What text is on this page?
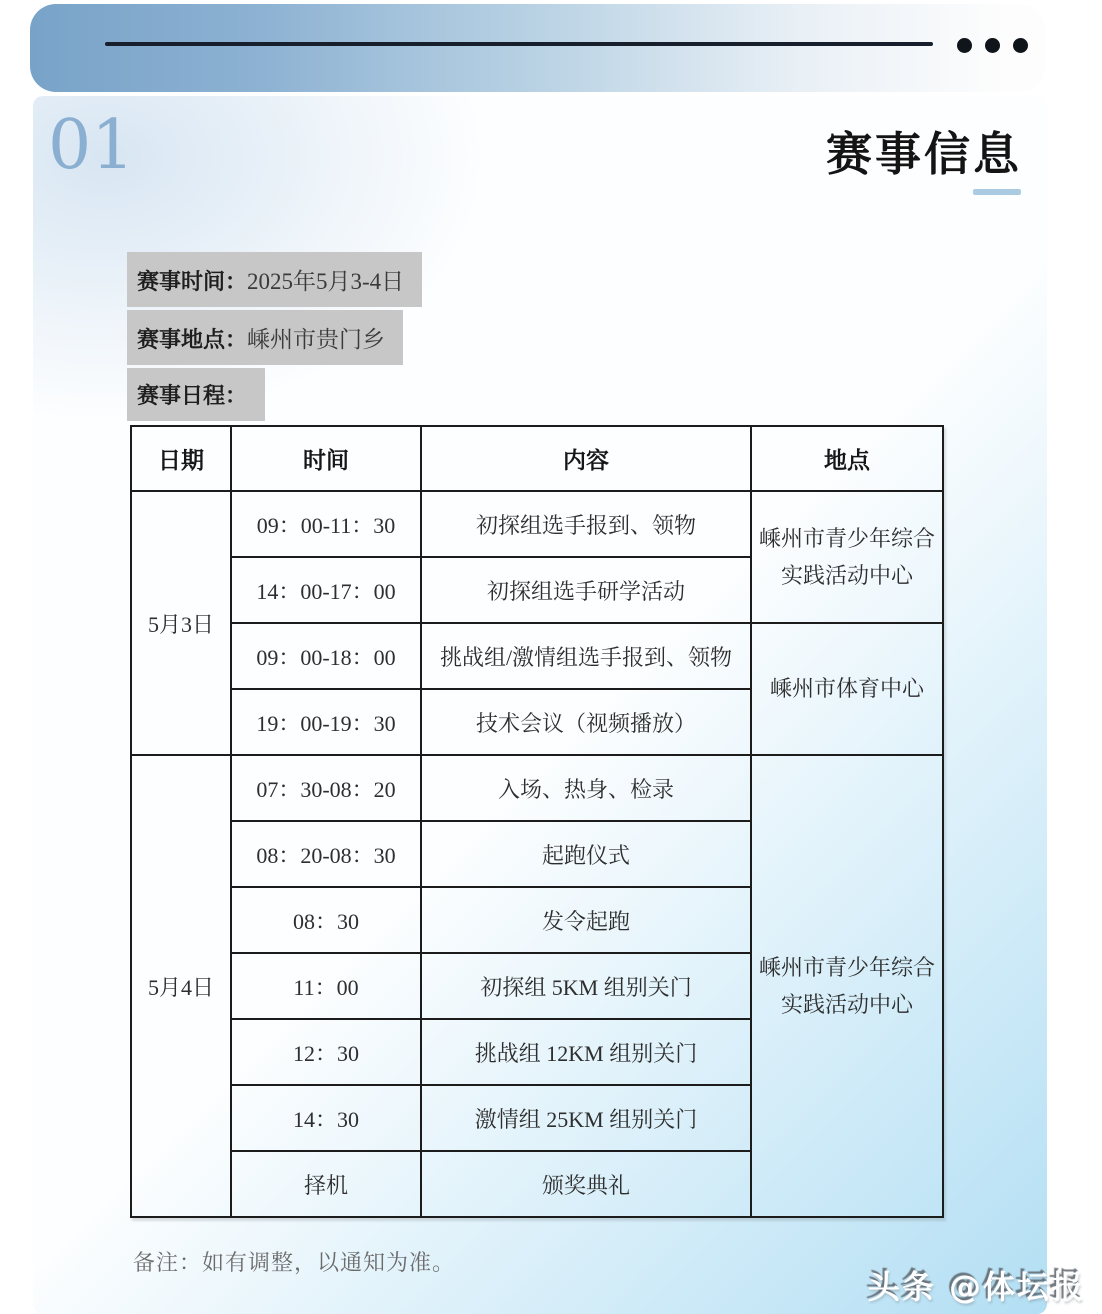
01	赛事信息
赛事时间：2025年5月3-4日
赛事地点：嵊州市贵门乡
赛事日程：
日期	时间	内容	地点
5月3日	09：00-11：30	初探组选手报到、领物	嵊州市青少年综合实践活动中心
	14：00-17：00	初探组选手研学活动	
	09：00-18：00	挑战组/激情组选手报到、领物	嵊州市体育中心
	19：00-19：30	技术会议（视频播放）	
5月4日	07：30-08：20	入场、热身、检录	嵊州市青少年综合实践活动中心
	08：20-08：30	起跑仪式	
	08：30	发令起跑	
	11：00	初探组 5KM 组别关门	
	12：30	挑战组 12KM 组别关门	
	14：30	激情组 25KM 组别关门	
	择机	颁奖典礼	
备注：如有调整，以通知为准。
头条 @体坛报
